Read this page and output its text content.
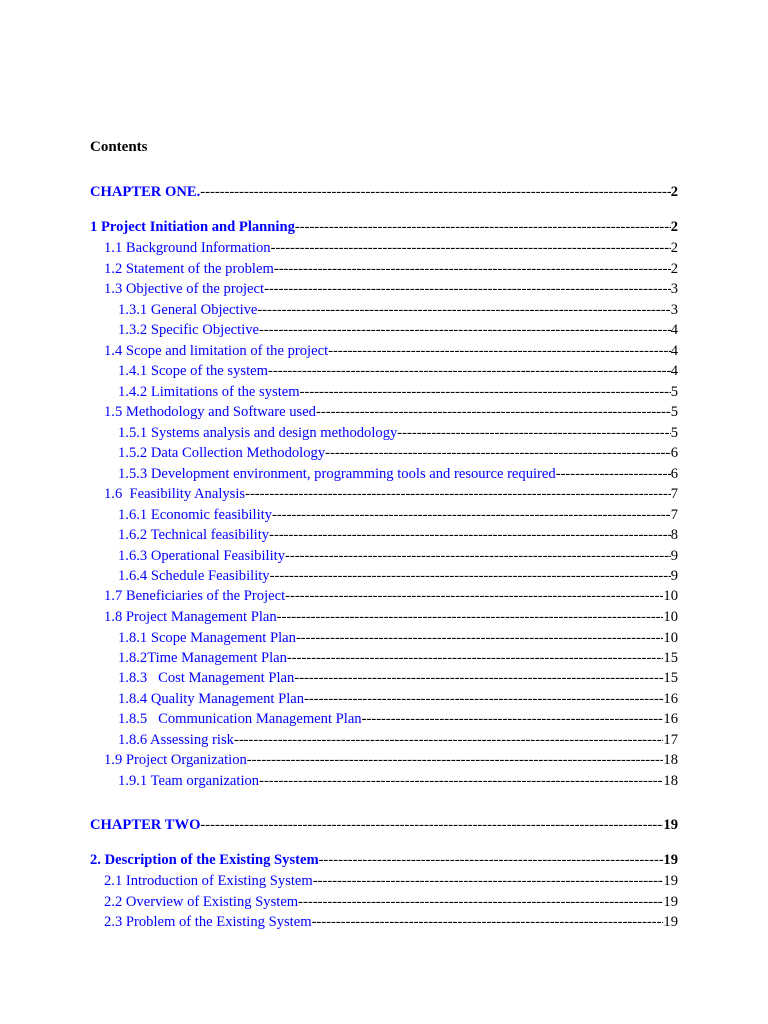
Contents
CHAPTER ONE. -----	2
1 Project Initiation and Planning -----	2
1.1 Background Information -----	2
1.2 Statement of the problem -----	2
1.3 Objective of the project -----	3
1.3.1 General Objective -----	3
1.3.2 Specific Objective -----	4
1.4 Scope and limitation of the project -----	4
1.4.1 Scope of the system -----	4
1.4.2 Limitations of the system -----	5
1.5 Methodology and Software used -----	5
1.5.1 Systems analysis and design methodology -----	5
1.5.2 Data Collection Methodology -----	6
1.5.3 Development environment, programming tools and resource required -----	6
1.6  Feasibility Analysis -----	7
1.6.1 Economic feasibility -----	7
1.6.2 Technical feasibility -----	8
1.6.3 Operational Feasibility -----	9
1.6.4 Schedule Feasibility -----	9
1.7 Beneficiaries of the Project -----	10
1.8 Project Management Plan -----	10
1.8.1 Scope Management Plan -----	10
1.8.2Time Management Plan -----	15
1.8.3   Cost Management Plan -----	15
1.8.4 Quality Management Plan -----	16
1.8.5   Communication Management Plan -----	16
1.8.6 Assessing risk -----	17
1.9 Project Organization -----	18
1.9.1 Team organization -----	18
CHAPTER TWO -----	19
2. Description of the Existing System -----	19
2.1 Introduction of Existing System -----	19
2.2 Overview of Existing System -----	19
2.3 Problem of the Existing System -----	19
